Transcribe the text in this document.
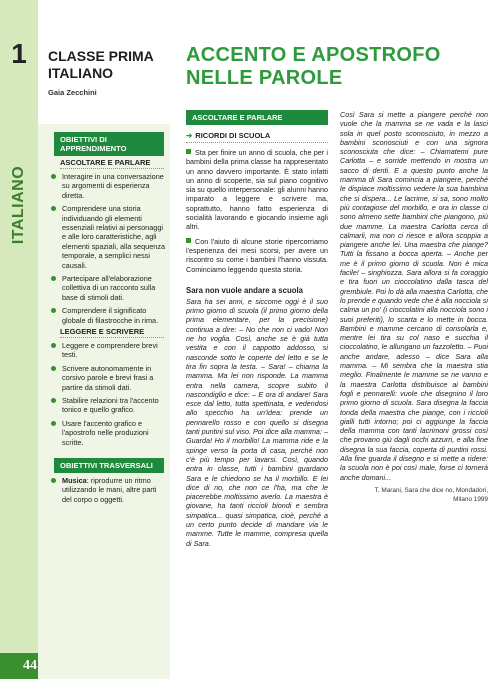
1
ITALIANO
44
CLASSE PRIMA
ITALIANO
Gaia Zecchini
OBIETTIVI DI APPRENDIMENTO
ASCOLTARE E PARLARE
Interagire in una conversazione su argomenti di esperienza diretta.
Comprendere una storia individuando gli elementi essenziali relativi ai personaggi e alle loro caratteristiche, agli elementi spaziali, alla sequenza temporale, a semplici nessi causali.
Partecipare all'elaborazione collettiva di un racconto sulla base di stimoli dati.
Comprendere il significato globale di filastrocche in rima.
LEGGERE E SCRIVERE
Leggere e comprendere brevi testi.
Scrivere autonomamente in corsivo parole e brevi frasi a partire da stimoli dati.
Stabilire relazioni tra l'accento tonico e quello grafico.
Usare l'accento grafico e l'apostrofo nelle produzioni scritte.
OBIETTIVI TRASVERSALI
Musica: riprodurre un ritmo utilizzando le mani, altre parti del corpo o oggetti.
ACCENTO E APOSTROFO
NELLE PAROLE
ASCOLTARE E PARLARE
➔ RICORDI DI SCUOLA

Sta per finire un anno di scuola, che per i bambini della prima classe ha rappresentato un anno davvero importante. È stato infatti un anno di scoperte, sia sul piano cognitivo sia su quello interpersonale: gli alunni hanno imparato a leggere e scrivere ma, soprattutto, hanno fatto esperienza di socialità lavorando e giocando insieme agli altri.

Con l'aiuto di alcune storie ripercorriamo l'esperienza dei mesi scorsi, per avere un riscontro su come i bambini l'hanno vissuta. Cominciamo leggendo questa storia.

Sara non vuole andare a scuola

Sara ha sei anni, e siccome oggi è il suo primo giorno di scuola (il primo giorno della prima elementare, per la precisione) continua a dire: – No che non ci vado! Non ne ho voglia. Così, anche se è già tutta vestita e con il cappotto addosso, si nasconde sotto le coperte del letto e se le tira fin sopra la testa. – Sara! – chiama la mamma. Ma lei non risponde. La mamma entra nella camera, scopre subito il nascondiglio e dice: – E ora di andare! Sara esce dal letto, tutta spettinata, e vedendosi allo specchio ha un'idea: prende un pennarello rosso e con quello si disegna tanti puntini sul viso. Poi dice alla mamma: – Guarda! Ho il morbillo! La mamma ride e la spinge verso la porta di casa, perché non c'è più tempo per lavarsi. Così, quando entra in classe, tutti i bambini guardano Sara e le chiedono se ha il morbillo. E lei dice di no, che non ce l'ha, ma che le piacerebbe moltissimo averlo. La maestra è giovane, ha tanti riccioli biondi e sembra simpatica... quasi simpatica, cioè, perché a un certo punto decide di mandare via le mamme. Tutte le mamme, compresa quella di Sara.

Così Sara si mette a piangere perché non vuole che la mamma se ne vada e la lasci sola in quel posto sconosciuto, in mezzo a bambini sconosciuti e con una signora sconosciuta che dice: – Chiamatemi pure Carlotta – e sorride mettendo in mostra un sacco di denti. E a questo punto anche la mamma di Sara comincia a piangere, perché le dispiace moltissimo vedere la sua bambina che si dispera... Le lacrime, si sa, sono molto più contagiose del morbillo, e ora in classe ci sono almeno sette bambini che piangono, più due mamme. La maestra Carlotta cerca di calmarli, ma non ci riesce e allora scoppia a piangere anche lei. Una maestra che piange? Tutti la fissano a bocca aperta. – Anche per me è il primo giorno di scuola. Non è mica facile! – singhiozza. Sara allora si fa coraggio e tira fuori un cioccolatino dalla tasca del grembiule. Poi lo dà alla maestra Carlotta, che lo prende e quando vede che è alla nocciola si calma un po' (i cioccolatini alla nocciola sono i suoi preferiti), lo scarta e lo mette in bocca. Bambini e mamme cercano di consolarla e, mentre lei tira su col naso e succhia il cioccolatino, le allungano un fazzoletto. – Puoi anche andare, adesso – dice Sara alla mamma. – Mi sembra che la maestra stia meglio. Finalmente le mamme se ne vanno e la maestra Carlotta distribuisce ai bambini fogli e pennarelli: vuole che disegnino il loro primo giorno di scuola. Sara disegna la faccia tonda della maestra che piange, con i riccioli gialli tutti intorno; poi ci aggiunge la faccia della mamma con tanti lacrimoni grossi così che provano giù dagli occhi azzurri, e alla fine disegna la sua faccia, coperta di puntini rossi. Alla fine guarda il disegno e si mette a ridere: la scuola non è poi così male, forse ci tornerà anche domani...

T. Marani, Sara che dice no, Mondadori,
Milano 1999
